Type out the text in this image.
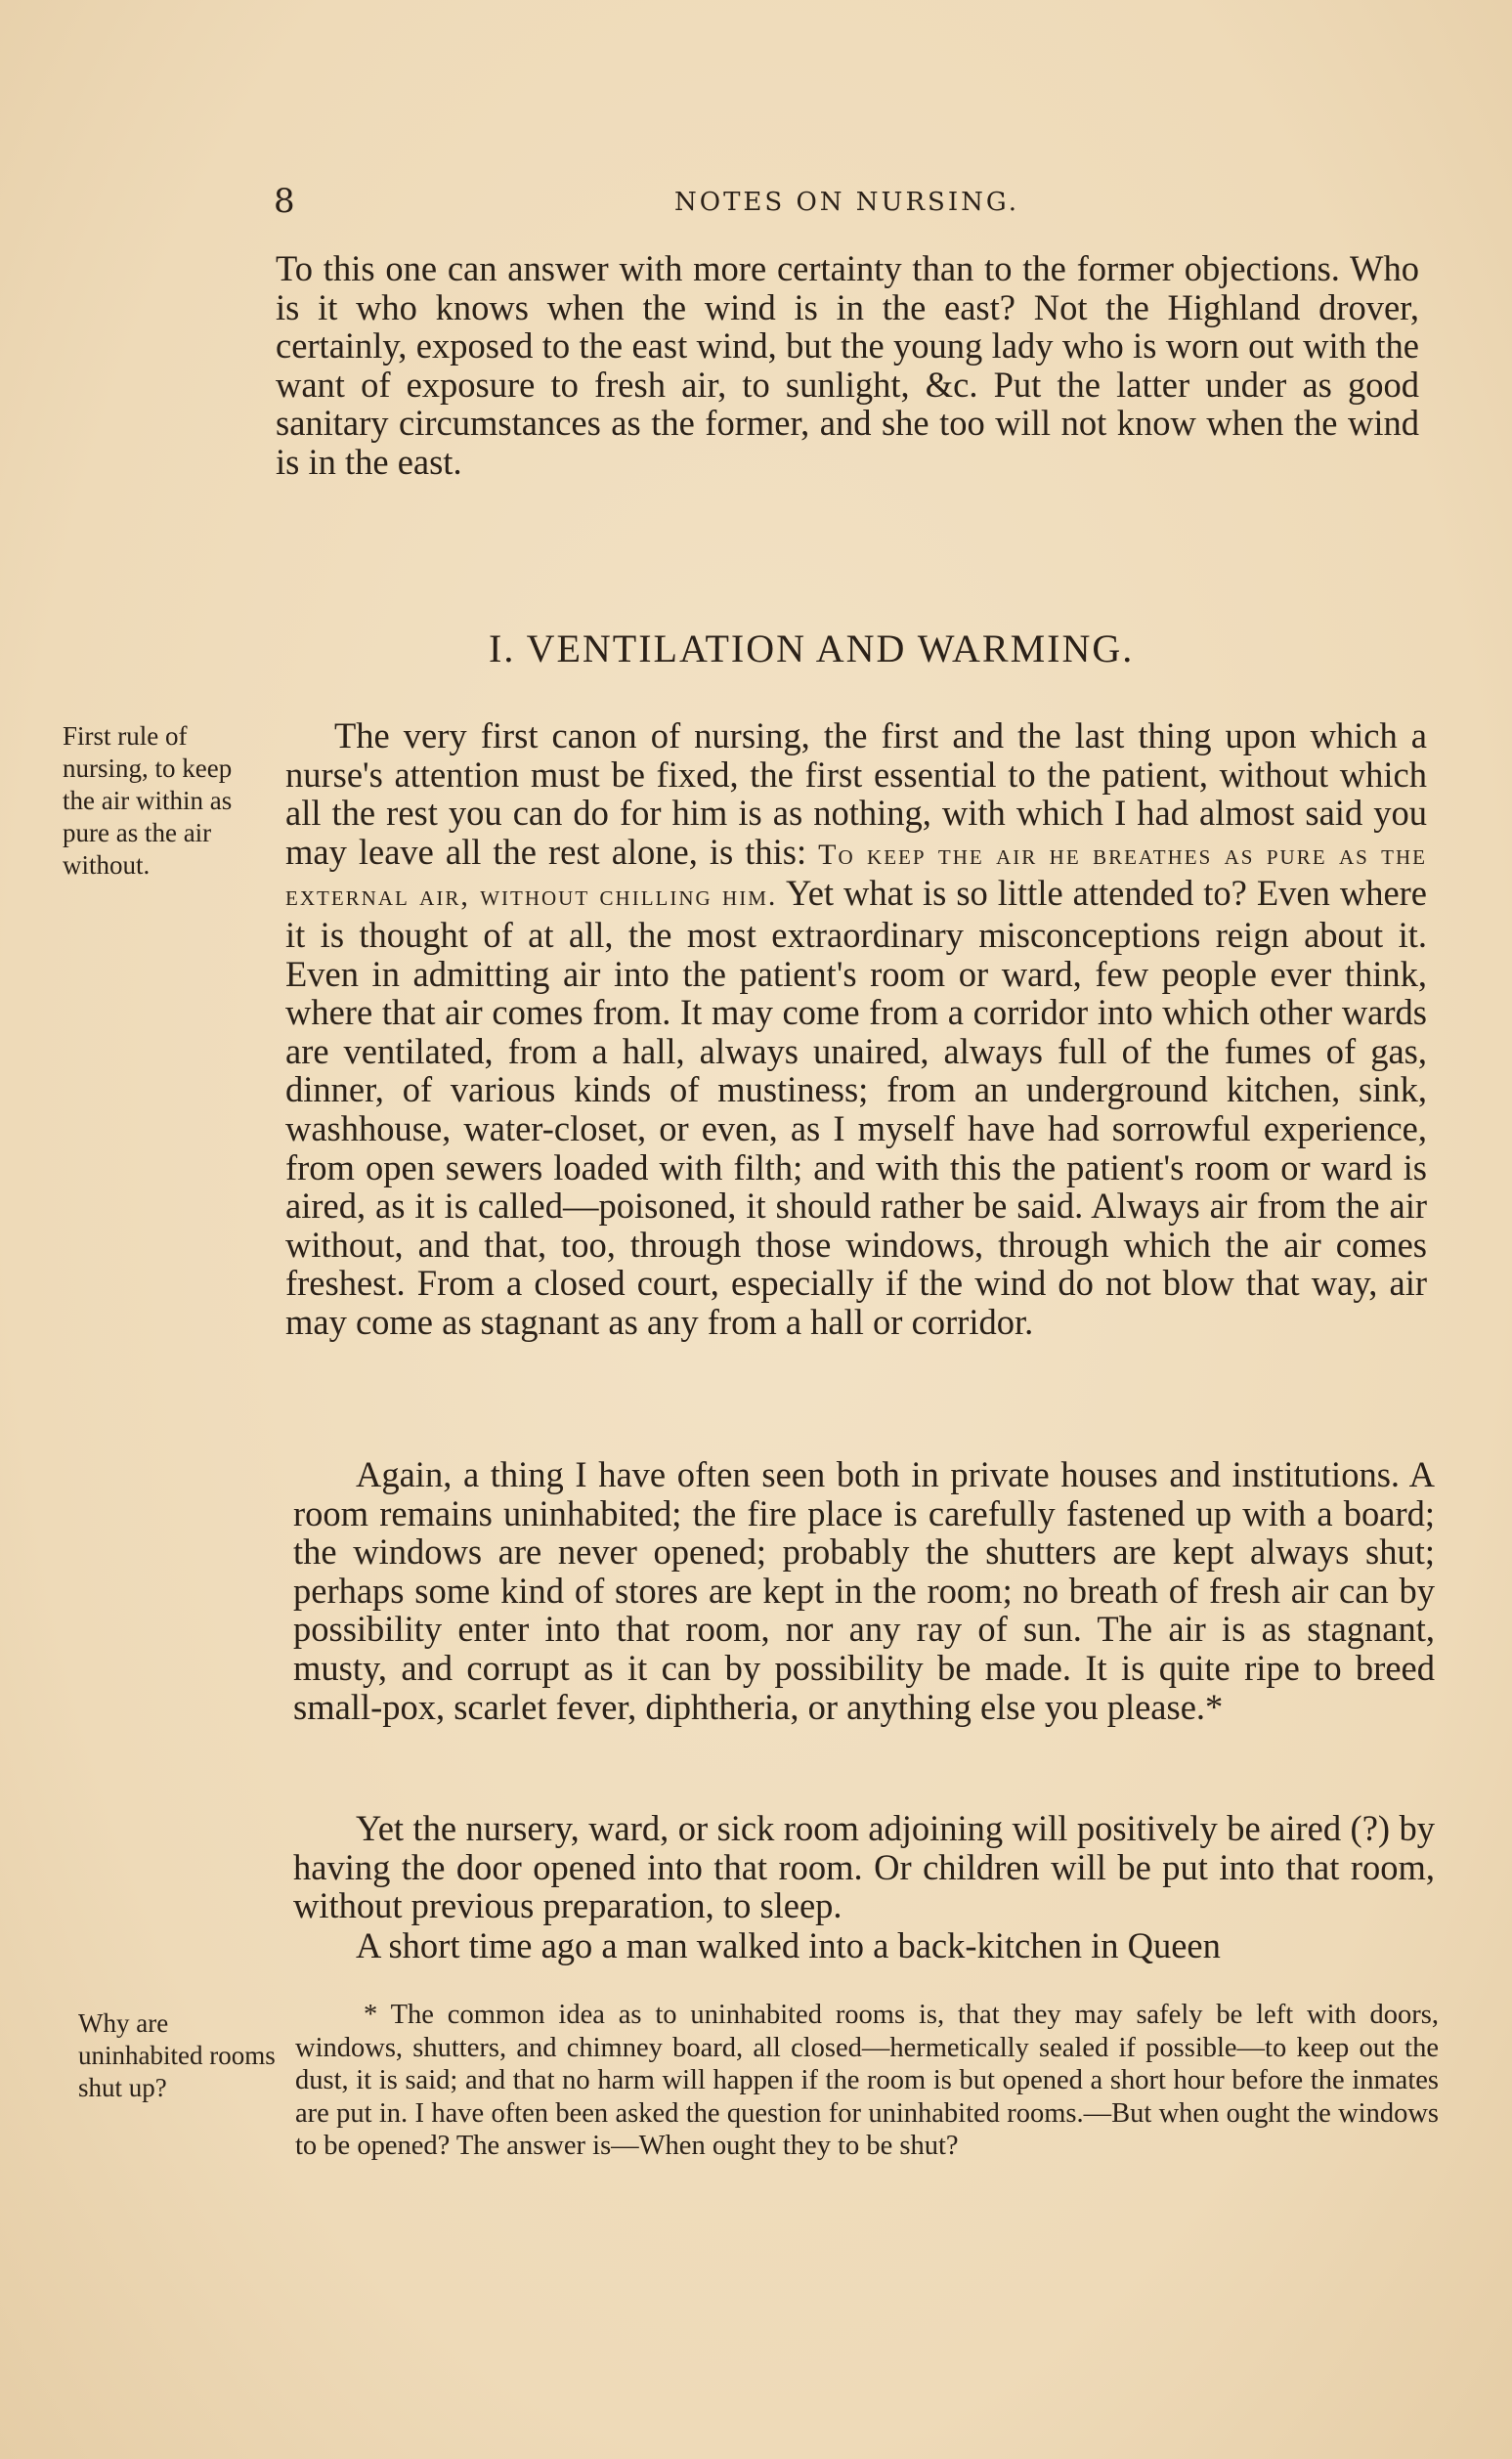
8	NOTES ON NURSING.

To this one can answer with more certainty than to the former objections. Who is it who knows when the wind is in the east? Not the Highland drover, certainly, exposed to the east wind, but the young lady who is worn out with the want of exposure to fresh air, to sunlight, &c. Put the latter under as good sanitary circumstances as the former, and she too will not know when the wind is in the east.

I. VENTILATION AND WARMING.
First rule of nursing, to keep the air within as pure as the air without.

The very first canon of nursing, the first and the last thing upon which a nurse's attention must be fixed, the first essential to the patient, without which all the rest you can do for him is as nothing, with which I had almost said you may leave all the rest alone, is this: To keep the air he breathes as pure as the external air, without chilling him. Yet what is so little attended to? Even where it is thought of at all, the most extraordinary misconceptions reign about it. Even in admitting air into the patient's room or ward, few people ever think, where that air comes from. It may come from a corridor into which other wards are ventilated, from a hall, always unaired, always full of the fumes of gas, dinner, of various kinds of mustiness; from an underground kitchen, sink, washhouse, water-closet, or even, as I myself have had sorrowful experience, from open sewers loaded with filth; and with this the patient's room or ward is aired, as it is called—poisoned, it should rather be said. Always air from the air without, and that, too, through those windows, through which the air comes freshest. From a closed court, especially if the wind do not blow that way, air may come as stagnant as any from a hall or corridor.

Again, a thing I have often seen both in private houses and institutions. A room remains uninhabited; the fire place is carefully fastened up with a board; the windows are never opened; probably the shutters are kept always shut; perhaps some kind of stores are kept in the room; no breath of fresh air can by possibility enter into that room, nor any ray of sun. The air is as stagnant, musty, and corrupt as it can by possibility be made. It is quite ripe to breed small-pox, scarlet fever, diphtheria, or anything else you please.*

Yet the nursery, ward, or sick room adjoining will positively be aired (?) by having the door opened into that room. Or children will be put into that room, without previous preparation, to sleep.

A short time ago a man walked into a back-kitchen in Queen

Why are uninhabited rooms shut up?

* The common idea as to uninhabited rooms is, that they may safely be left with doors, windows, shutters, and chimney board, all closed—hermetically sealed if possible—to keep out the dust, it is said; and that no harm will happen if the room is but opened a short hour before the inmates are put in. I have often been asked the question for uninhabited rooms.—But when ought the windows to be opened? The answer is—When ought they to be shut?
